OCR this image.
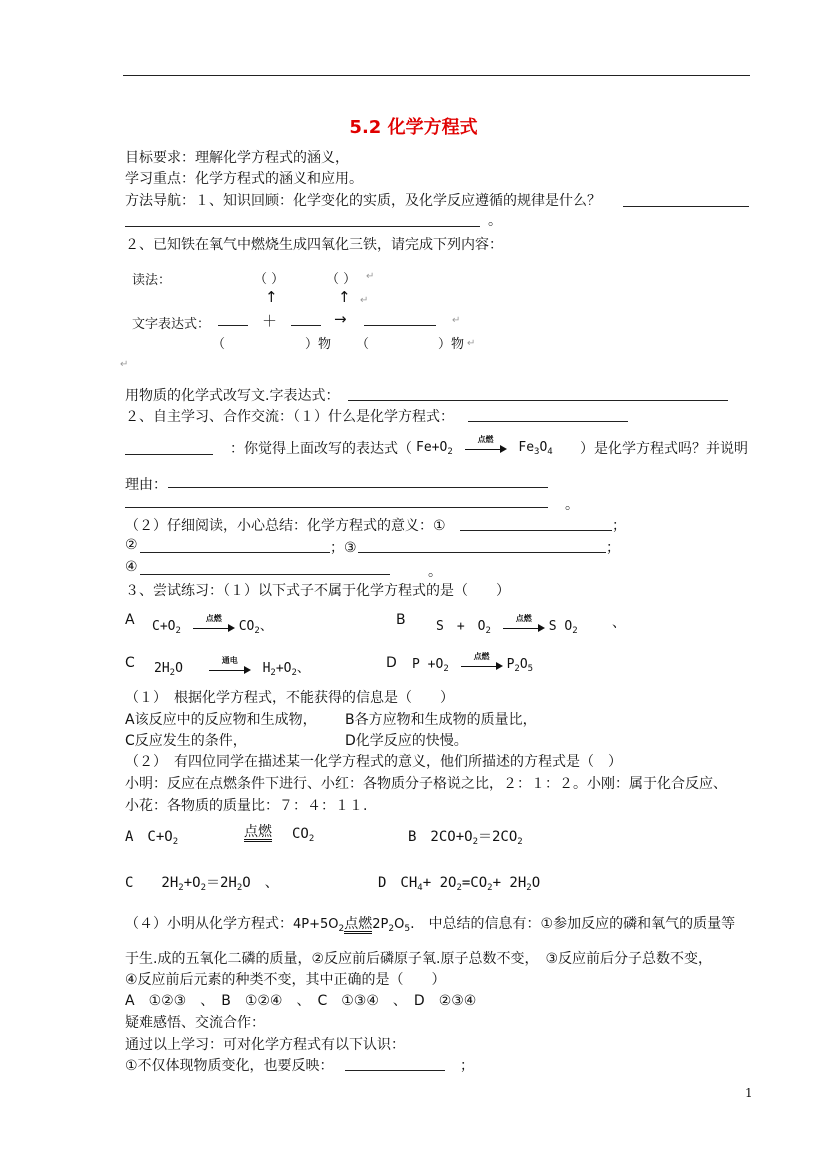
5.2 化学方程式
目标要求：理解化学方程式的涵义，
学习重点：化学方程式的涵义和应用。
方法导航：１、知识回顾：化学变化的实质，及化学反应遵循的规律是什么？
。
２、已知铁在氧气中燃烧生成四氧化三铁，请完成下列内容：
读法：	（ ）	（ ） ↵
↑	↑ ↵
文字表达式：	＋	→	↵
（	）物 （	）物 ↵
↵
用物质的化学式改写文.字表达式：
２、自主学习、合作交流：（１）什么是化学方程式：
：你觉得上面改写的表达式（ $Fe+O_2$
点燃
$Fe_3O_4$ ）是化学方程式吗？并说明
理由：
。
（２）仔细阅读，小心总结：化学方程式的意义：①	；
②	；③	；
④	。
３、尝试练习：（１）以下式子不属于化学方程式的是（　　）
A $C+O_2$
点燃
$CO_2$、	B S　+　$O_2$
点燃
S $O_2$ 、
C $2H_2O$
通电
$H_2+O_2$、	D $P +O_2$
点燃
$P_2O_5$
（１）　根据化学方程式，不能获得的信息是（　　）
A该反应中的反应物和生成物， B各方应物和生成物的质量比，
C反应发生的条件，	D化学反应的快慢。
（２）　有四位同学在描述某一化学方程式的意义，他们所描述的方程式是（　）
小明：反应在点燃条件下进行、小红：各物质分子格说之比，２：１：２。小刚：属于化合反应、
小花：各物质的质量比：７：４：１１.
A　$C+O_2$
点燃 $CO_2$	B　$2CO+O_2=2CO_2$
C　　$2H_2+O_2=2H_2O$　、	D　$CH_4+ 2O_2=CO_2+ 2H_2O$
（４）小明从化学方程式：$4P+5O_2$点燃$2P_2O_5$.　中总结的信息有：①参加反应的磷和氧气的质量等
于生.成的五氧化二磷的质量，②反应前后磷原子氧.原子总数不变，　③反应前后分子总数不变，
④反应前后元素的种类不变，其中正确的是（　　）
A　①②③　、　B　①②④　、　C　①③④　、　D　②③④
疑难感悟、交流合作：
通过以上学习：可对化学方程式有以下认识：
①不仅体现物质变化，也要反映：	；
1
